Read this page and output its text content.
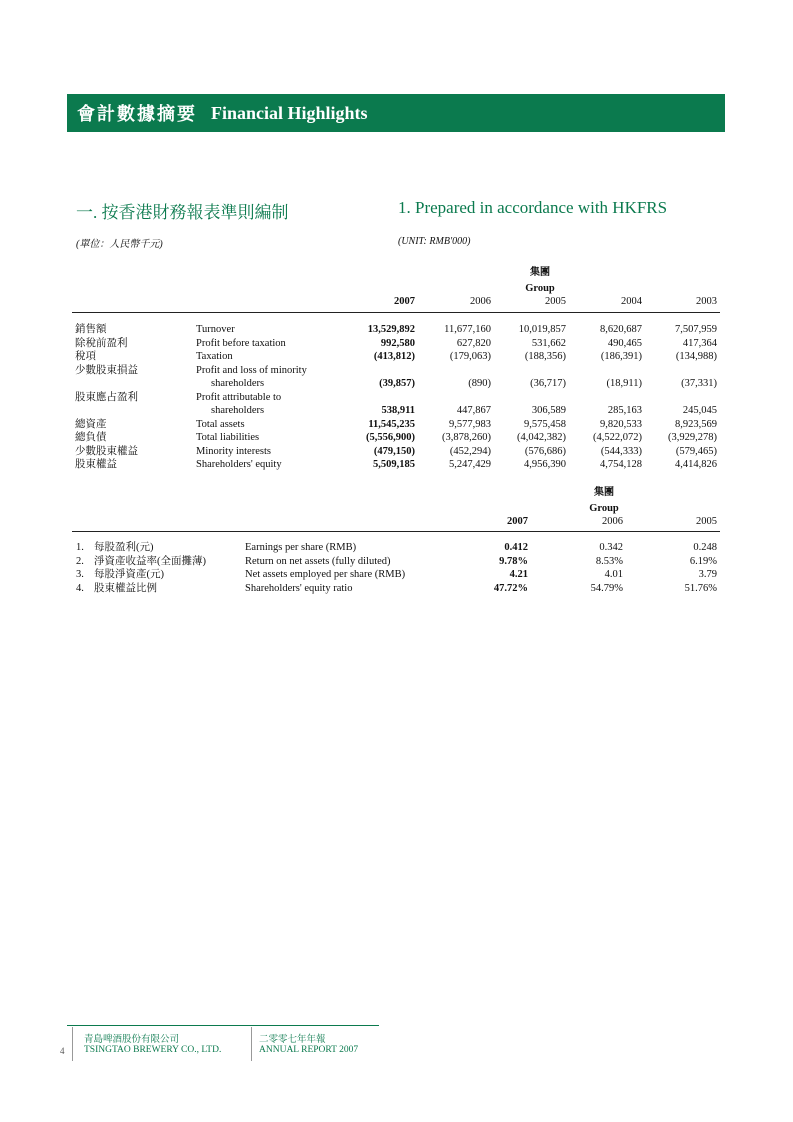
會計數據摘要 Financial Highlights
一. 按香港財務報表準則編制	1. Prepared in accordance with HKFRS
(單位：人民幣千元)	(UNIT: RMB'000)
集團
Group
2007	2006	2005	2004	2003
銷售額	Turnover	13,529,892	11,677,160	10,019,857	8,620,687	7,507,959
除稅前盈利	Profit before taxation	992,580	627,820	531,662	490,465	417,364
稅項	Taxation	(413,812)	(179,063)	(188,356)	(186,391)	(134,988)
少數股東損益	Profit and loss of minority
shareholders	(39,857)	(890)	(36,717)	(18,911)	(37,331)
股東應占盈利	Profit attributable to
shareholders	538,911	447,867	306,589	285,163	245,045
總資產	Total assets	11,545,235	9,577,983	9,575,458	9,820,533	8,923,569
總負債	Total liabilities	(5,556,900)	(3,878,260)	(4,042,382)	(4,522,072)	(3,929,278)
少數股東權益	Minority interests	(479,150)	(452,294)	(576,686)	(544,333)	(579,465)
股東權益	Shareholders' equity	5,509,185	5,247,429	4,956,390	4,754,128	4,414,826
集團
Group
2007	2006	2005
1. 每股盈利(元)	Earnings per share (RMB)	0.412	0.342	0.248
2. 淨資產收益率(全面攤薄)	Return on net assets (fully diluted)	9.78%	8.53%	6.19%
3. 每股淨資產(元)	Net assets employed per share (RMB)	4.21	4.01	3.79
4. 股東權益比例	Shareholders' equity ratio	47.72%	54.79%	51.76%
4
青島啤酒股份有限公司
TSINGTAO BREWERY CO., LTD.
二零零七年年報
ANNUAL REPORT 2007
